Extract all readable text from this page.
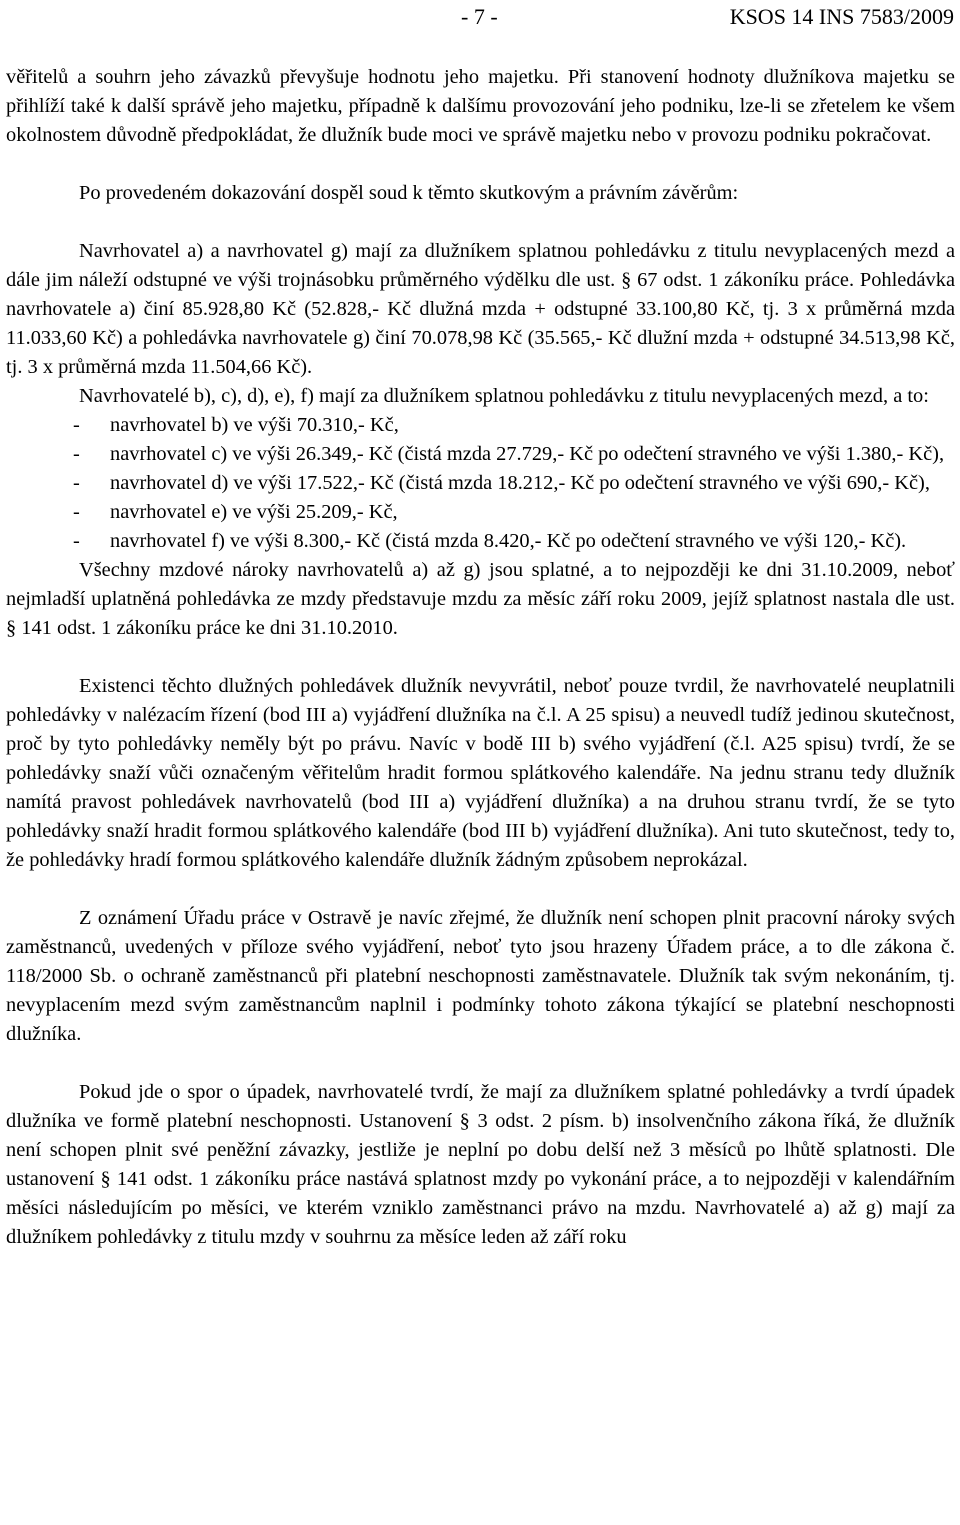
- 7 -	KSOS 14 INS 7583/2009

věřitelů a souhrn jeho závazků převyšuje hodnotu jeho majetku. Při stanovení hodnoty dlužníkova majetku se přihlíží také k další správě jeho majetku, případně k dalšímu provozování jeho podniku, lze-li se zřetelem ke všem okolnostem důvodně předpokládat, že dlužník bude moci ve správě majetku nebo v provozu podniku pokračovat.

Po provedeném dokazování dospěl soud k těmto skutkovým a právním závěrům:

Navrhovatel a) a navrhovatel g) mají za dlužníkem splatnou pohledávku z titulu nevyplacených mezd a dále jim náleží odstupné ve výši trojnásobku průměrného výdělku dle ust. § 67 odst. 1 zákoníku práce. Pohledávka navrhovatele a) činí 85.928,80 Kč (52.828,- Kč dlužná mzda + odstupné 33.100,80 Kč, tj. 3 x průměrná mzda 11.033,60 Kč) a pohledávka navrhovatele g) činí 70.078,98 Kč (35.565,- Kč dlužní mzda + odstupné 34.513,98 Kč, tj. 3 x průměrná mzda 11.504,66 Kč).

Navrhovatelé b), c), d), e), f) mají za dlužníkem splatnou pohledávku z titulu nevyplacených mezd, a to:

- navrhovatel b) ve výši 70.310,- Kč,
- navrhovatel c) ve výši 26.349,- Kč (čistá mzda 27.729,- Kč po odečtení stravného ve výši 1.380,- Kč),
- navrhovatel d) ve výši 17.522,- Kč (čistá mzda 18.212,- Kč po odečtení stravného ve výši 690,- Kč),
- navrhovatel e) ve výši 25.209,- Kč,
- navrhovatel f) ve výši 8.300,- Kč (čistá mzda 8.420,- Kč po odečtení stravného ve výši 120,- Kč).

Všechny mzdové nároky navrhovatelů a) až g) jsou splatné, a to nejpozději ke dni 31.10.2009, neboť nejmladší uplatněná pohledávka ze mzdy představuje mzdu za měsíc září roku 2009, jejíž splatnost nastala dle ust. § 141 odst. 1 zákoníku práce ke dni 31.10.2010.

Existenci těchto dlužných pohledávek dlužník nevyvrátil, neboť pouze tvrdil, že navrhovatelé neuplatnili pohledávky v nalézacím řízení (bod III a) vyjádření dlužníka na č.l. A 25 spisu) a neuvedl tudíž jedinou skutečnost, proč by tyto pohledávky neměly být po právu. Navíc v bodě III b) svého vyjádření (č.l. A25 spisu) tvrdí, že se pohledávky snaží vůči označeným věřitelům hradit formou splátkového kalendáře. Na jednu stranu tedy dlužník namítá pravost pohledávek navrhovatelů (bod III a) vyjádření dlužníka) a na druhou stranu tvrdí, že se tyto pohledávky snaží hradit formou splátkového kalendáře (bod III b) vyjádření dlužníka). Ani tuto skutečnost, tedy to, že pohledávky hradí formou splátkového kalendáře dlužník žádným způsobem neprokázal.

Z oznámení Úřadu práce v Ostravě je navíc zřejmé, že dlužník není schopen plnit pracovní nároky svých zaměstnanců, uvedených v příloze svého vyjádření, neboť tyto jsou hrazeny Úřadem práce, a to dle zákona č. 118/2000 Sb. o ochraně zaměstnanců při platební neschopnosti zaměstnavatele. Dlužník tak svým nekonáním, tj. nevyplacením mezd svým zaměstnancům naplnil i podmínky tohoto zákona týkající se platební neschopnosti dlužníka.

Pokud jde o spor o úpadek, navrhovatelé tvrdí, že mají za dlužníkem splatné pohledávky a tvrdí úpadek dlužníka ve formě platební neschopnosti. Ustanovení § 3 odst. 2 písm. b) insolvenčního zákona říká, že dlužník není schopen plnit své peněžní závazky, jestliže je neplní po dobu delší než 3 měsíců po lhůtě splatnosti. Dle ustanovení § 141 odst. 1 zákoníku práce nastává splatnost mzdy po vykonání práce, a to nejpozději v kalendářním měsíci následujícím po měsíci, ve kterém vzniklo zaměstnanci právo na mzdu. Navrhovatelé a) až g) mají za dlužníkem pohledávky z titulu mzdy v souhrnu za měsíce leden až září roku
